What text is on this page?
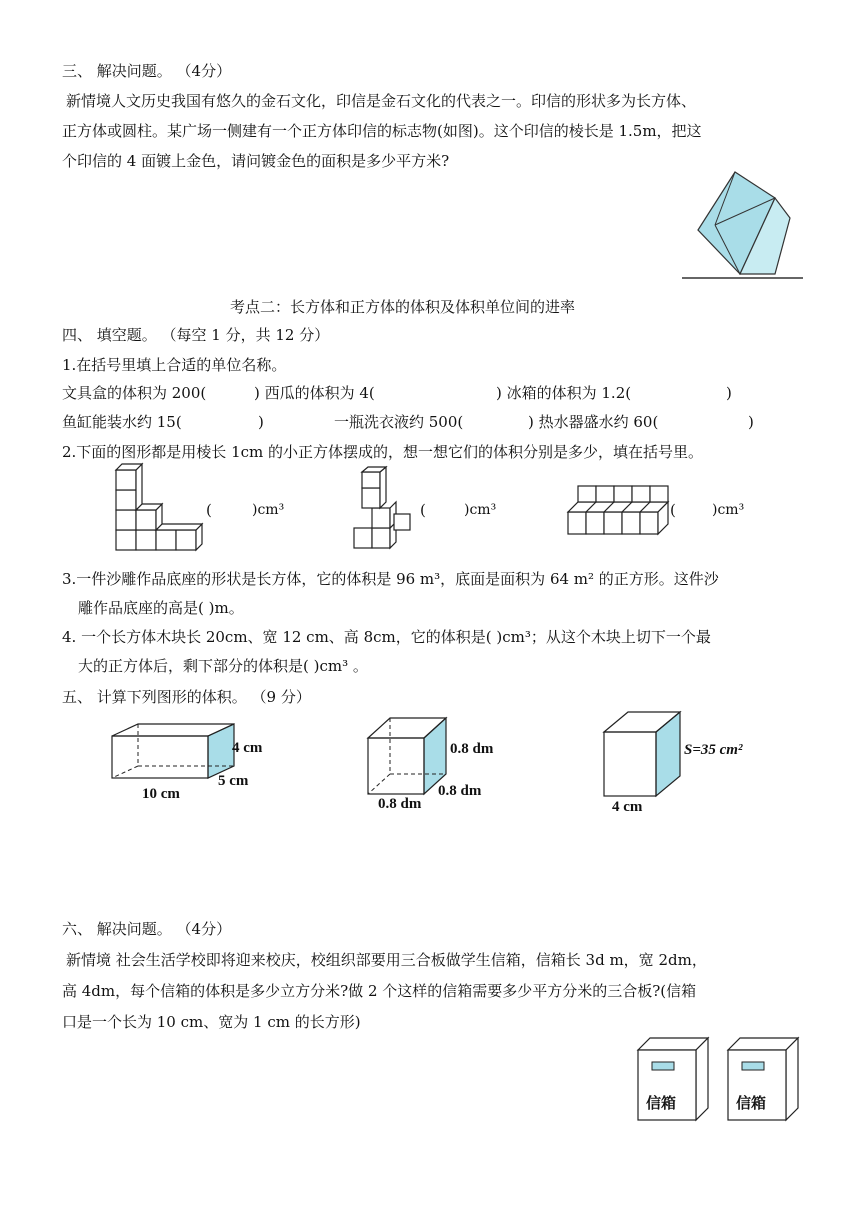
三、 解决问题。 （4分）
新情境人文历史我国有悠久的金石文化，印信是金石文化的代表之一。印信的形状多为长方体、
正方体或圆柱。某广场一侧建有一个正方体印信的标志物(如图)。这个印信的棱长是 1.5m，把这
个印信的 4 面镀上金色，请问镀金色的面积是多少平方米?
考点二：长方体和正方体的体积及体积单位间的进率
四、 填空题。 （每空 1 分，共 12 分）
1.在括号里填上合适的单位名称。
文具盒的体积为 200(	) 西瓜的体积为 4(	) 冰箱的体积为 1.2(	)
鱼缸能装水约 15(	)	一瓶洗衣液约 500(	) 热水器盛水约 60(	)
2.下面的图形都是用棱长 1cm 的小正方体摆成的，想一想它们的体积分别是多少，填在括号里。
(	)cm³	(	)cm³	(	)cm³
3.一件沙雕作品底座的形状是长方体，它的体积是 96 m³，底面是面积为 64 m² 的正方形。这件沙
雕作品底座的高是( )m。
4. 一个长方体木块长 20cm、宽 12 cm、高 8cm，它的体积是( )cm³；从这个木块上切下一个最
大的正方体后，剩下部分的体积是( )cm³ 。
五、 计算下列图形的体积。 （9 分）
4 cm
5 cm
10 cm
0.8 dm
0.8 dm
0.8 dm
S=35 cm²
4 cm
六、 解决问题。 （4分）
新情境 社会生活学校即将迎来校庆，校组织部要用三合板做学生信箱，信箱长 3d m，宽 2dm，
高 4dm，每个信箱的体积是多少立方分米?做 2 个这样的信箱需要多少平方分米的三合板?(信箱
口是一个长为 10 cm、宽为 1 cm 的长方形)
信箱	信箱
